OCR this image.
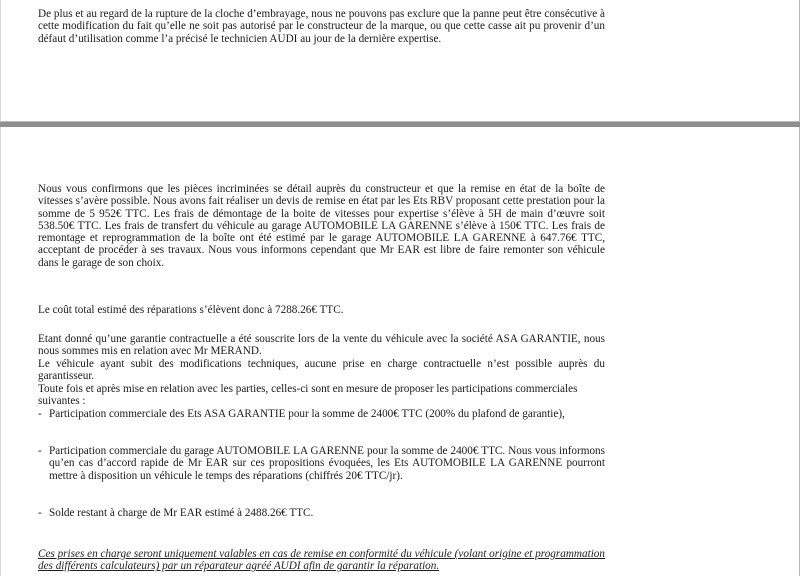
De plus et au regard de la rupture de la cloche d’embrayage, nous ne pouvons pas exclure que la panne peut être consécutive à cette modification du fait qu’elle ne soit pas autorisé par le constructeur de la marque, ou que cette casse ait pu provenir d’un défaut d’utilisation comme l’a précisé le technicien AUDI au jour de la dernière expertise.

Nous vous confirmons que les pièces incriminées se détail auprès du constructeur et que la remise en état de la boîte de vitesses s’avère possible. Nous avons fait réaliser un devis de remise en état par les Ets RBV proposant cette prestation pour la somme de 5 952€ TTC. Les frais de démontage de la boite de vitesses pour expertise s’élève à 5H de main d’œuvre soit 538.50€ TTC. Les frais de transfert du véhicule au garage AUTOMOBILE LA GARENNE s’élève à 150€ TTC. Les frais de remontage et reprogrammation de la boîte ont été estimé par le garage AUTOMOBILE LA GARENNE à 647.76€ TTC, acceptant de procéder à ses travaux. Nous vous informons cependant que Mr EAR est libre de faire remonter son véhicule dans le garage de son choix.

Le coût total estimé des réparations s’élèvent donc à 7288.26€ TTC.

Etant donné qu’une garantie contractuelle a été souscrite lors de la vente du véhicule avec la société ASA GARANTIE, nous nous sommes mis en relation avec Mr MERAND.

Le véhicule ayant subit des modifications techniques, aucune prise en charge contractuelle n’est possible auprès du garantisseur.

Toute fois et après mise en relation avec les parties, celles-ci sont en mesure de proposer les participations commerciales suivantes :

- Participation commerciale des Ets ASA GARANTIE pour la somme de 2400€ TTC (200% du plafond de garantie),
- Participation commerciale du garage AUTOMOBILE LA GARENNE pour la somme de 2400€ TTC. Nous vous informons qu’en cas d’accord rapide de Mr EAR sur ces propositions évoquées, les Ets AUTOMOBILE LA GARENNE pourront mettre à disposition un véhicule le temps des réparations (chiffrés 20€ TTC/jr).
- Solde restant à charge de Mr EAR estimé à 2488.26€ TTC.

Ces prises en charge seront uniquement valables en cas de remise en conformité du véhicule (volant origine et programmation des différents calculateurs) par un réparateur agréé AUDI afin de garantir la réparation.
